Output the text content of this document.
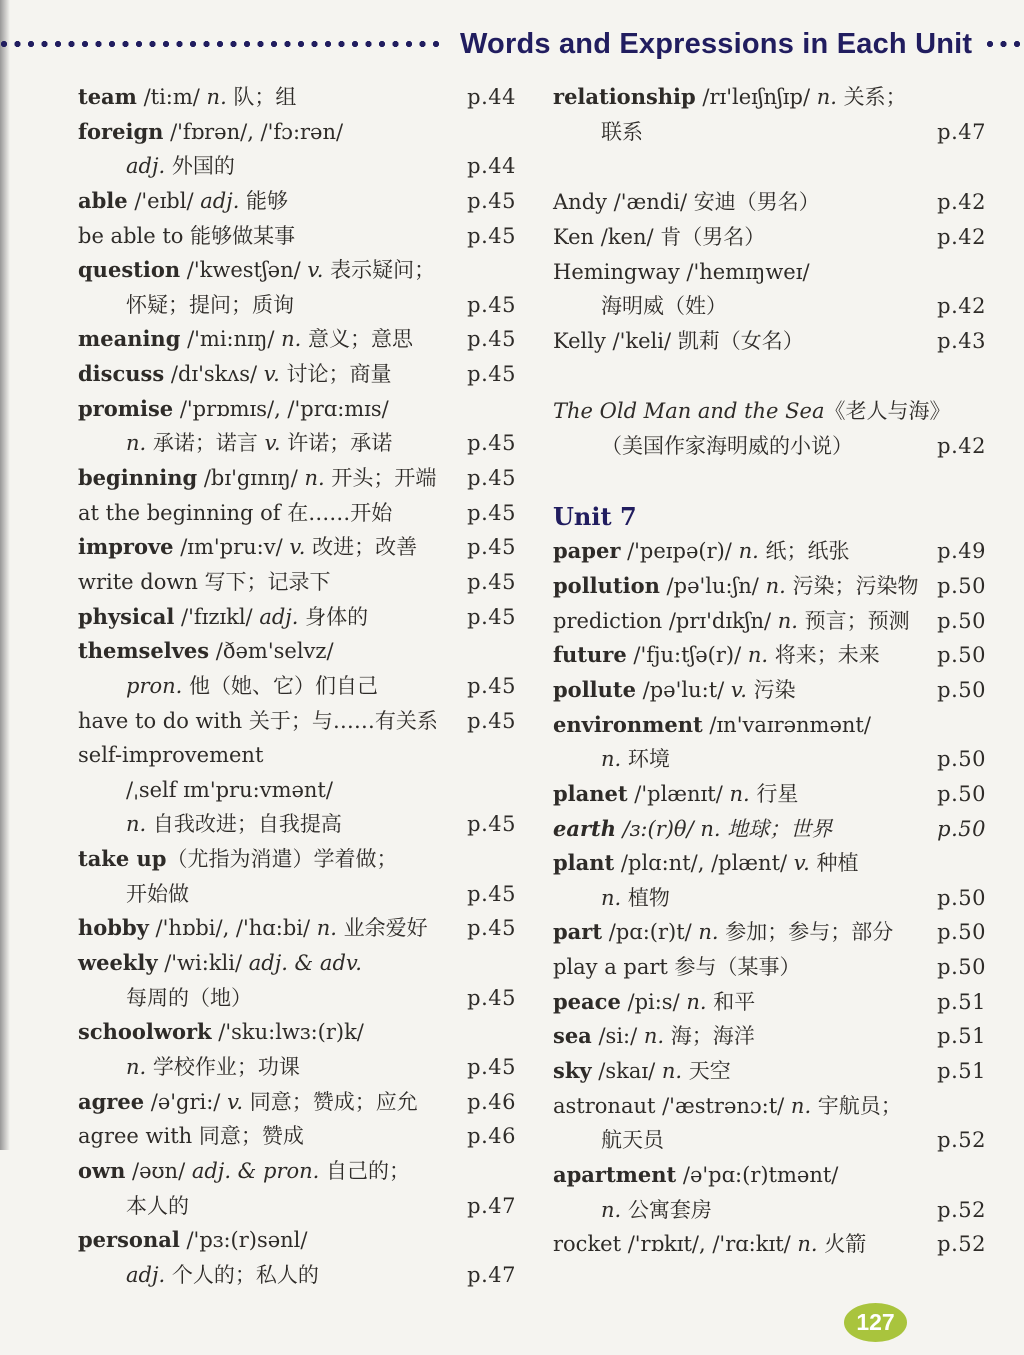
Words and Expressions in Each Unit
team /ti:m/ n. 队；组	p.44
foreign /'fɒrən/, /'fɔ:rən/
adj. 外国的	p.44
able /'eɪbl/ adj. 能够	p.45
be able to 能够做某事	p.45
question /'kwestʃən/ v. 表示疑问；
怀疑；提问；质询	p.45
meaning /'mi:nɪŋ/ n. 意义；意思	p.45
discuss /dɪ'skʌs/ v. 讨论；商量	p.45
promise /'prɒmɪs/, /'prɑ:mɪs/
n. 承诺；诺言 v. 许诺；承诺	p.45
beginning /bɪ'gɪnɪŋ/ n. 开头；开端	p.45
at the beginning of 在……开始	p.45
improve /ɪm'pru:v/ v. 改进；改善	p.45
write down 写下；记录下	p.45
physical /'fɪzɪkl/ adj. 身体的	p.45
themselves /ðəm'selvz/
pron. 他（她、它）们自己	p.45
have to do with 关于；与……有关系	p.45
self-improvement
/ˌself ɪm'pru:vmənt/
n. 自我改进；自我提高	p.45
take up（尤指为消遣）学着做；
开始做	p.45
hobby /'hɒbi/, /'hɑ:bi/ n. 业余爱好	p.45
weekly /'wi:kli/ adj. & adv.
每周的（地）	p.45
schoolwork /'sku:lwɜ:(r)k/
n. 学校作业；功课	p.45
agree /ə'gri:/ v. 同意；赞成；应允	p.46
agree with 同意；赞成	p.46
own /əʊn/ adj. & pron. 自己的；
本人的	p.47
personal /'pɜ:(r)sənl/
adj. 个人的；私人的	p.47
relationship /rɪ'leɪʃnʃɪp/ n. 关系；
联系	p.47
Andy /'ændi/ 安迪（男名）	p.42
Ken /ken/ 肯（男名）	p.42
Hemingway /'hemɪŋweɪ/
海明威（姓）	p.42
Kelly /'keli/ 凯莉（女名）	p.43
The Old Man and the Sea《老人与海》
（美国作家海明威的小说）	p.42
Unit 7
paper /'peɪpə(r)/ n. 纸；纸张	p.49
pollution /pə'lu:ʃn/ n. 污染；污染物 p.50
prediction /prɪ'dɪkʃn/ n. 预言；预测	p.50
future /'fju:tʃə(r)/ n. 将来；未来	p.50
pollute /pə'lu:t/ v. 污染	p.50
environment /ɪn'vaɪrənmənt/
n. 环境	p.50
planet /'plænɪt/ n. 行星	p.50
earth /ɜ:(r)θ/ n. 地球；世界	p.50
plant /plɑ:nt/, /plænt/ v. 种植
n. 植物	p.50
part /pɑ:(r)t/ n. 参加；参与；部分	p.50
play a part 参与（某事）	p.50
peace /pi:s/ n. 和平	p.51
sea /si:/ n. 海；海洋	p.51
sky /skaɪ/ n. 天空	p.51
astronaut /'æstrənɔ:t/ n. 宇航员；
航天员	p.52
apartment /ə'pɑ:(r)tmənt/
n. 公寓套房	p.52
rocket /'rɒkɪt/, /'rɑ:kɪt/ n. 火箭	p.52
127
